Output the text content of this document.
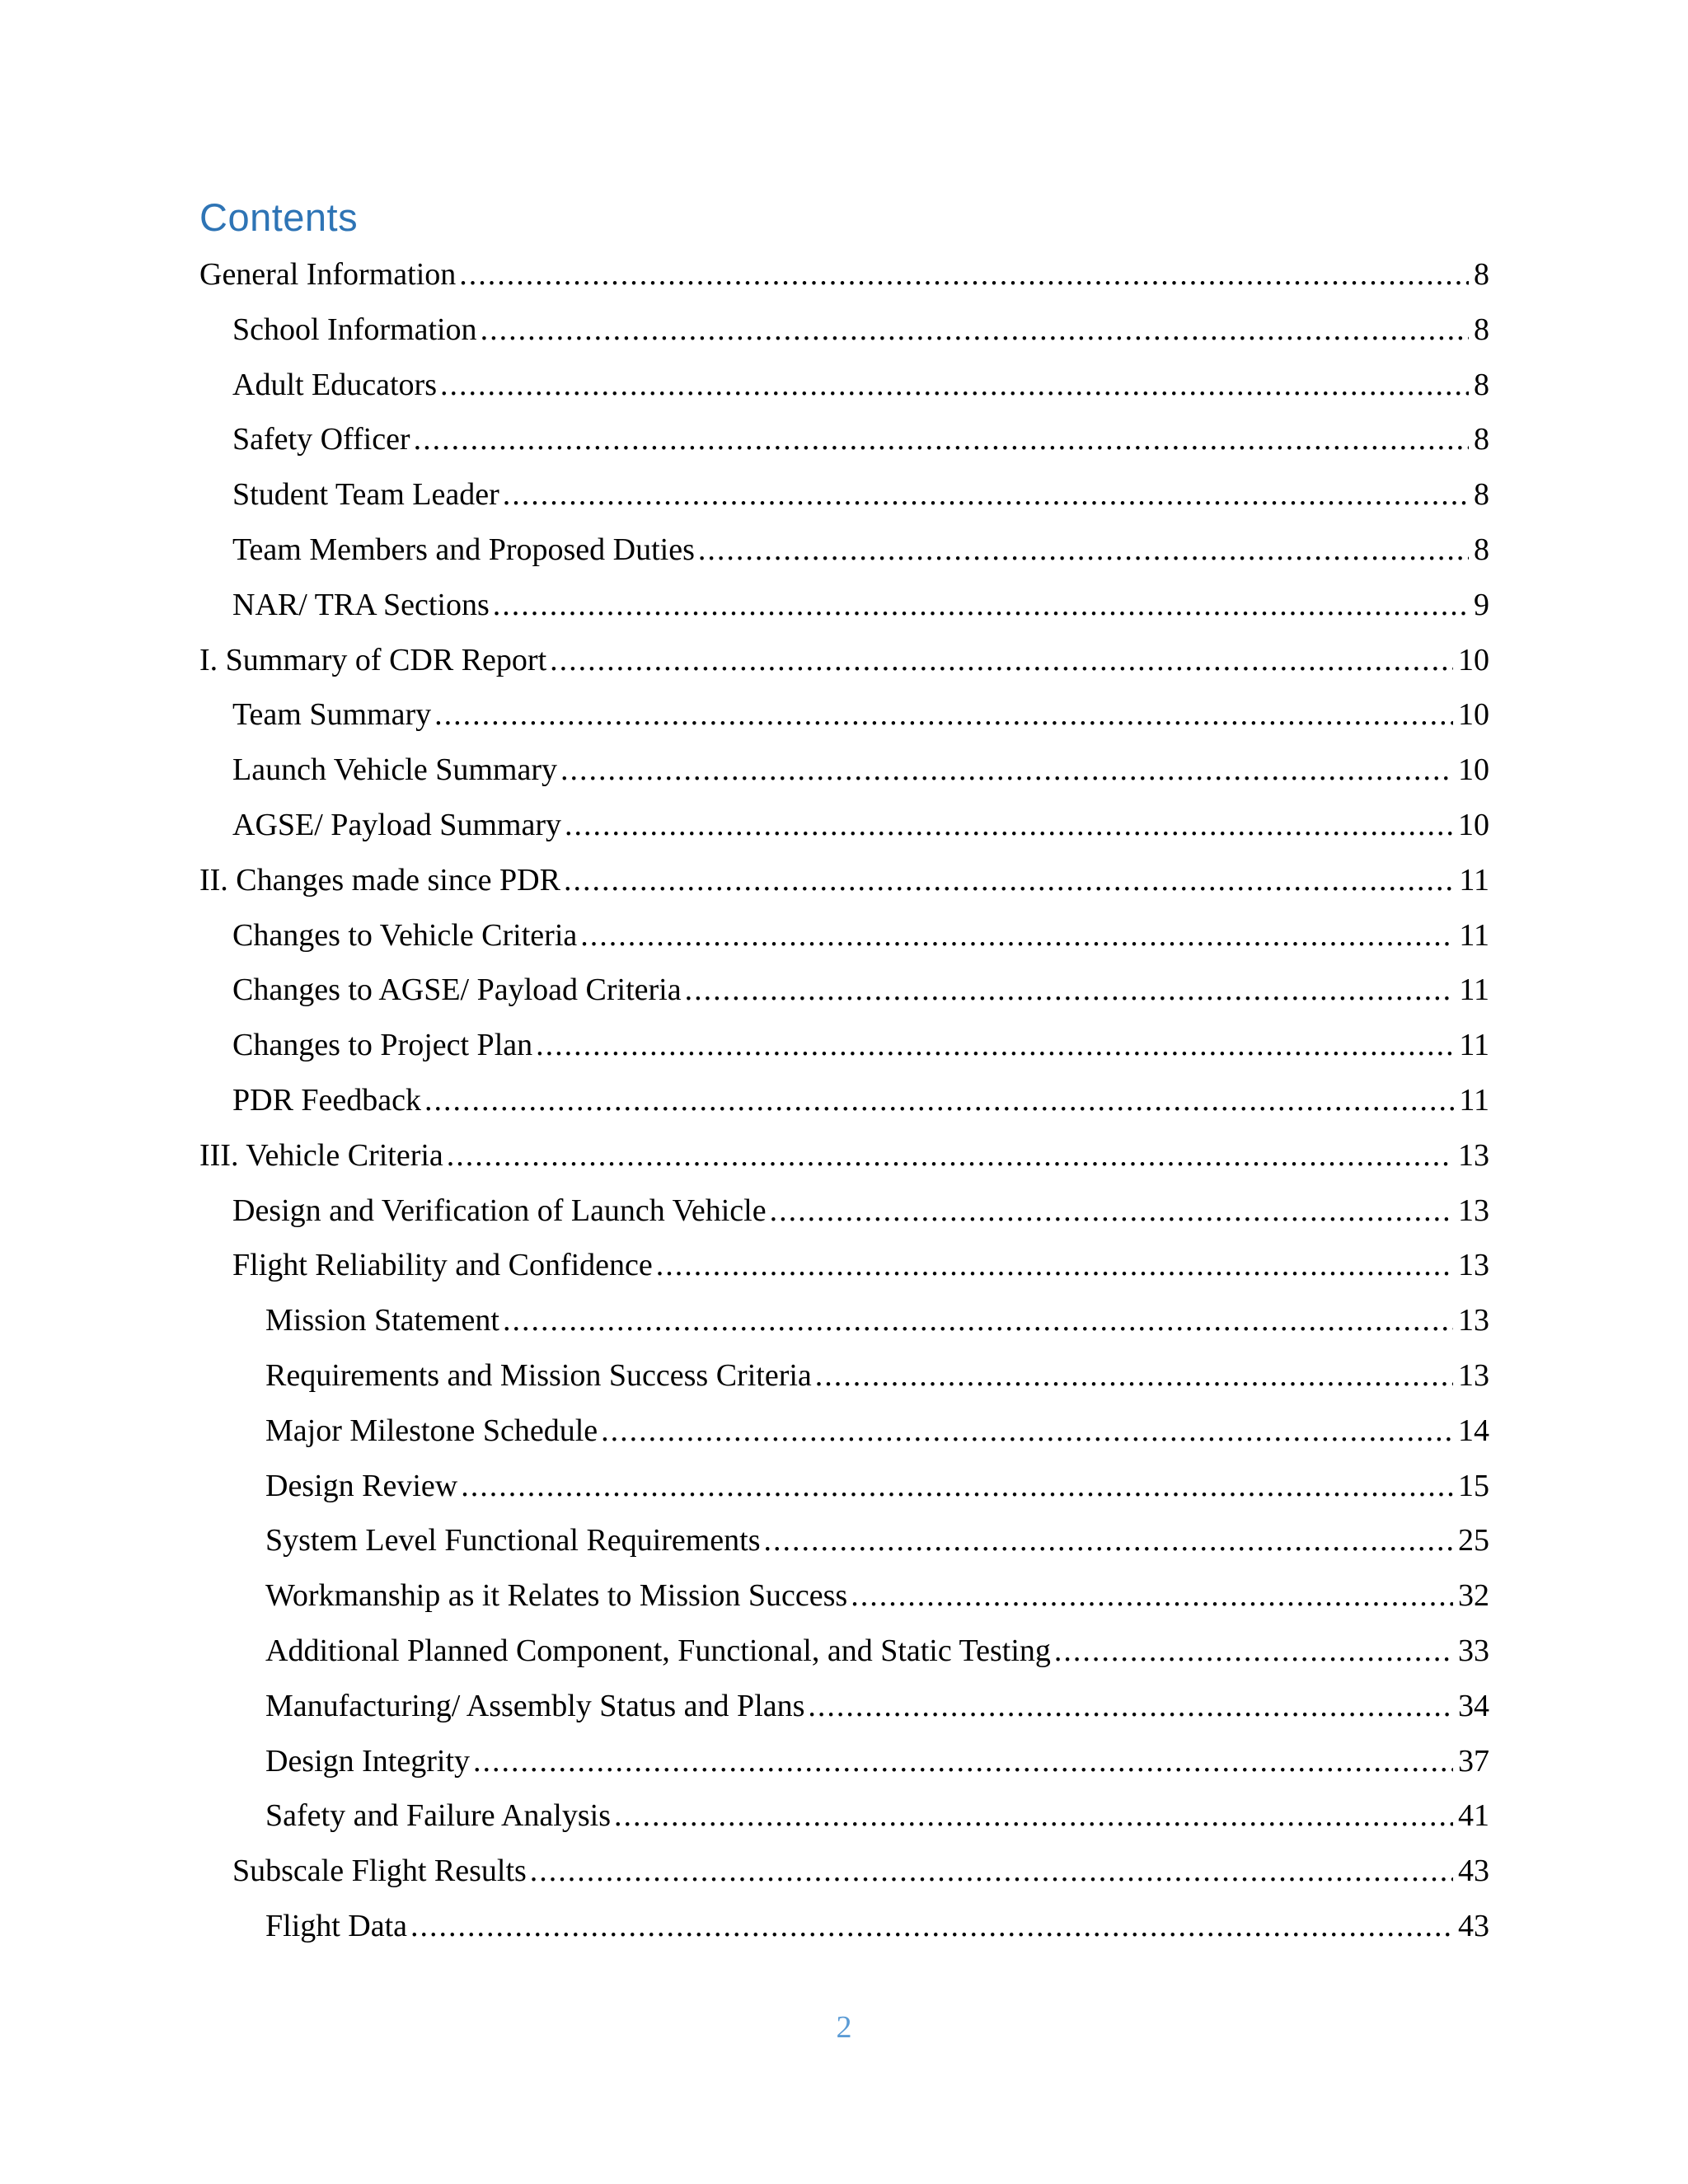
Contents
General Information .....	8
School Information .....	8
Adult Educators .....	8
Safety Officer .....	8
Student Team Leader .....	8
Team Members and Proposed Duties .....	8
NAR/ TRA Sections .....	9
I. Summary of CDR Report .....	10
Team Summary .....	10
Launch Vehicle Summary .....	10
AGSE/ Payload Summary .....	10
II. Changes made since PDR .....	11
Changes to Vehicle Criteria .....	11
Changes to AGSE/ Payload Criteria .....	11
Changes to Project Plan .....	11
PDR Feedback .....	11
III. Vehicle Criteria .....	13
Design and Verification of Launch Vehicle .....	13
Flight Reliability and Confidence .....	13
Mission Statement .....	13
Requirements and Mission Success Criteria .....	13
Major Milestone Schedule .....	14
Design Review .....	15
System Level Functional Requirements .....	25
Workmanship as it Relates to Mission Success .....	32
Additional Planned Component, Functional, and Static Testing .....	33
Manufacturing/ Assembly Status and Plans .....	34
Design Integrity .....	37
Safety and Failure Analysis .....	41
Subscale Flight Results .....	43
Flight Data .....	43
2
